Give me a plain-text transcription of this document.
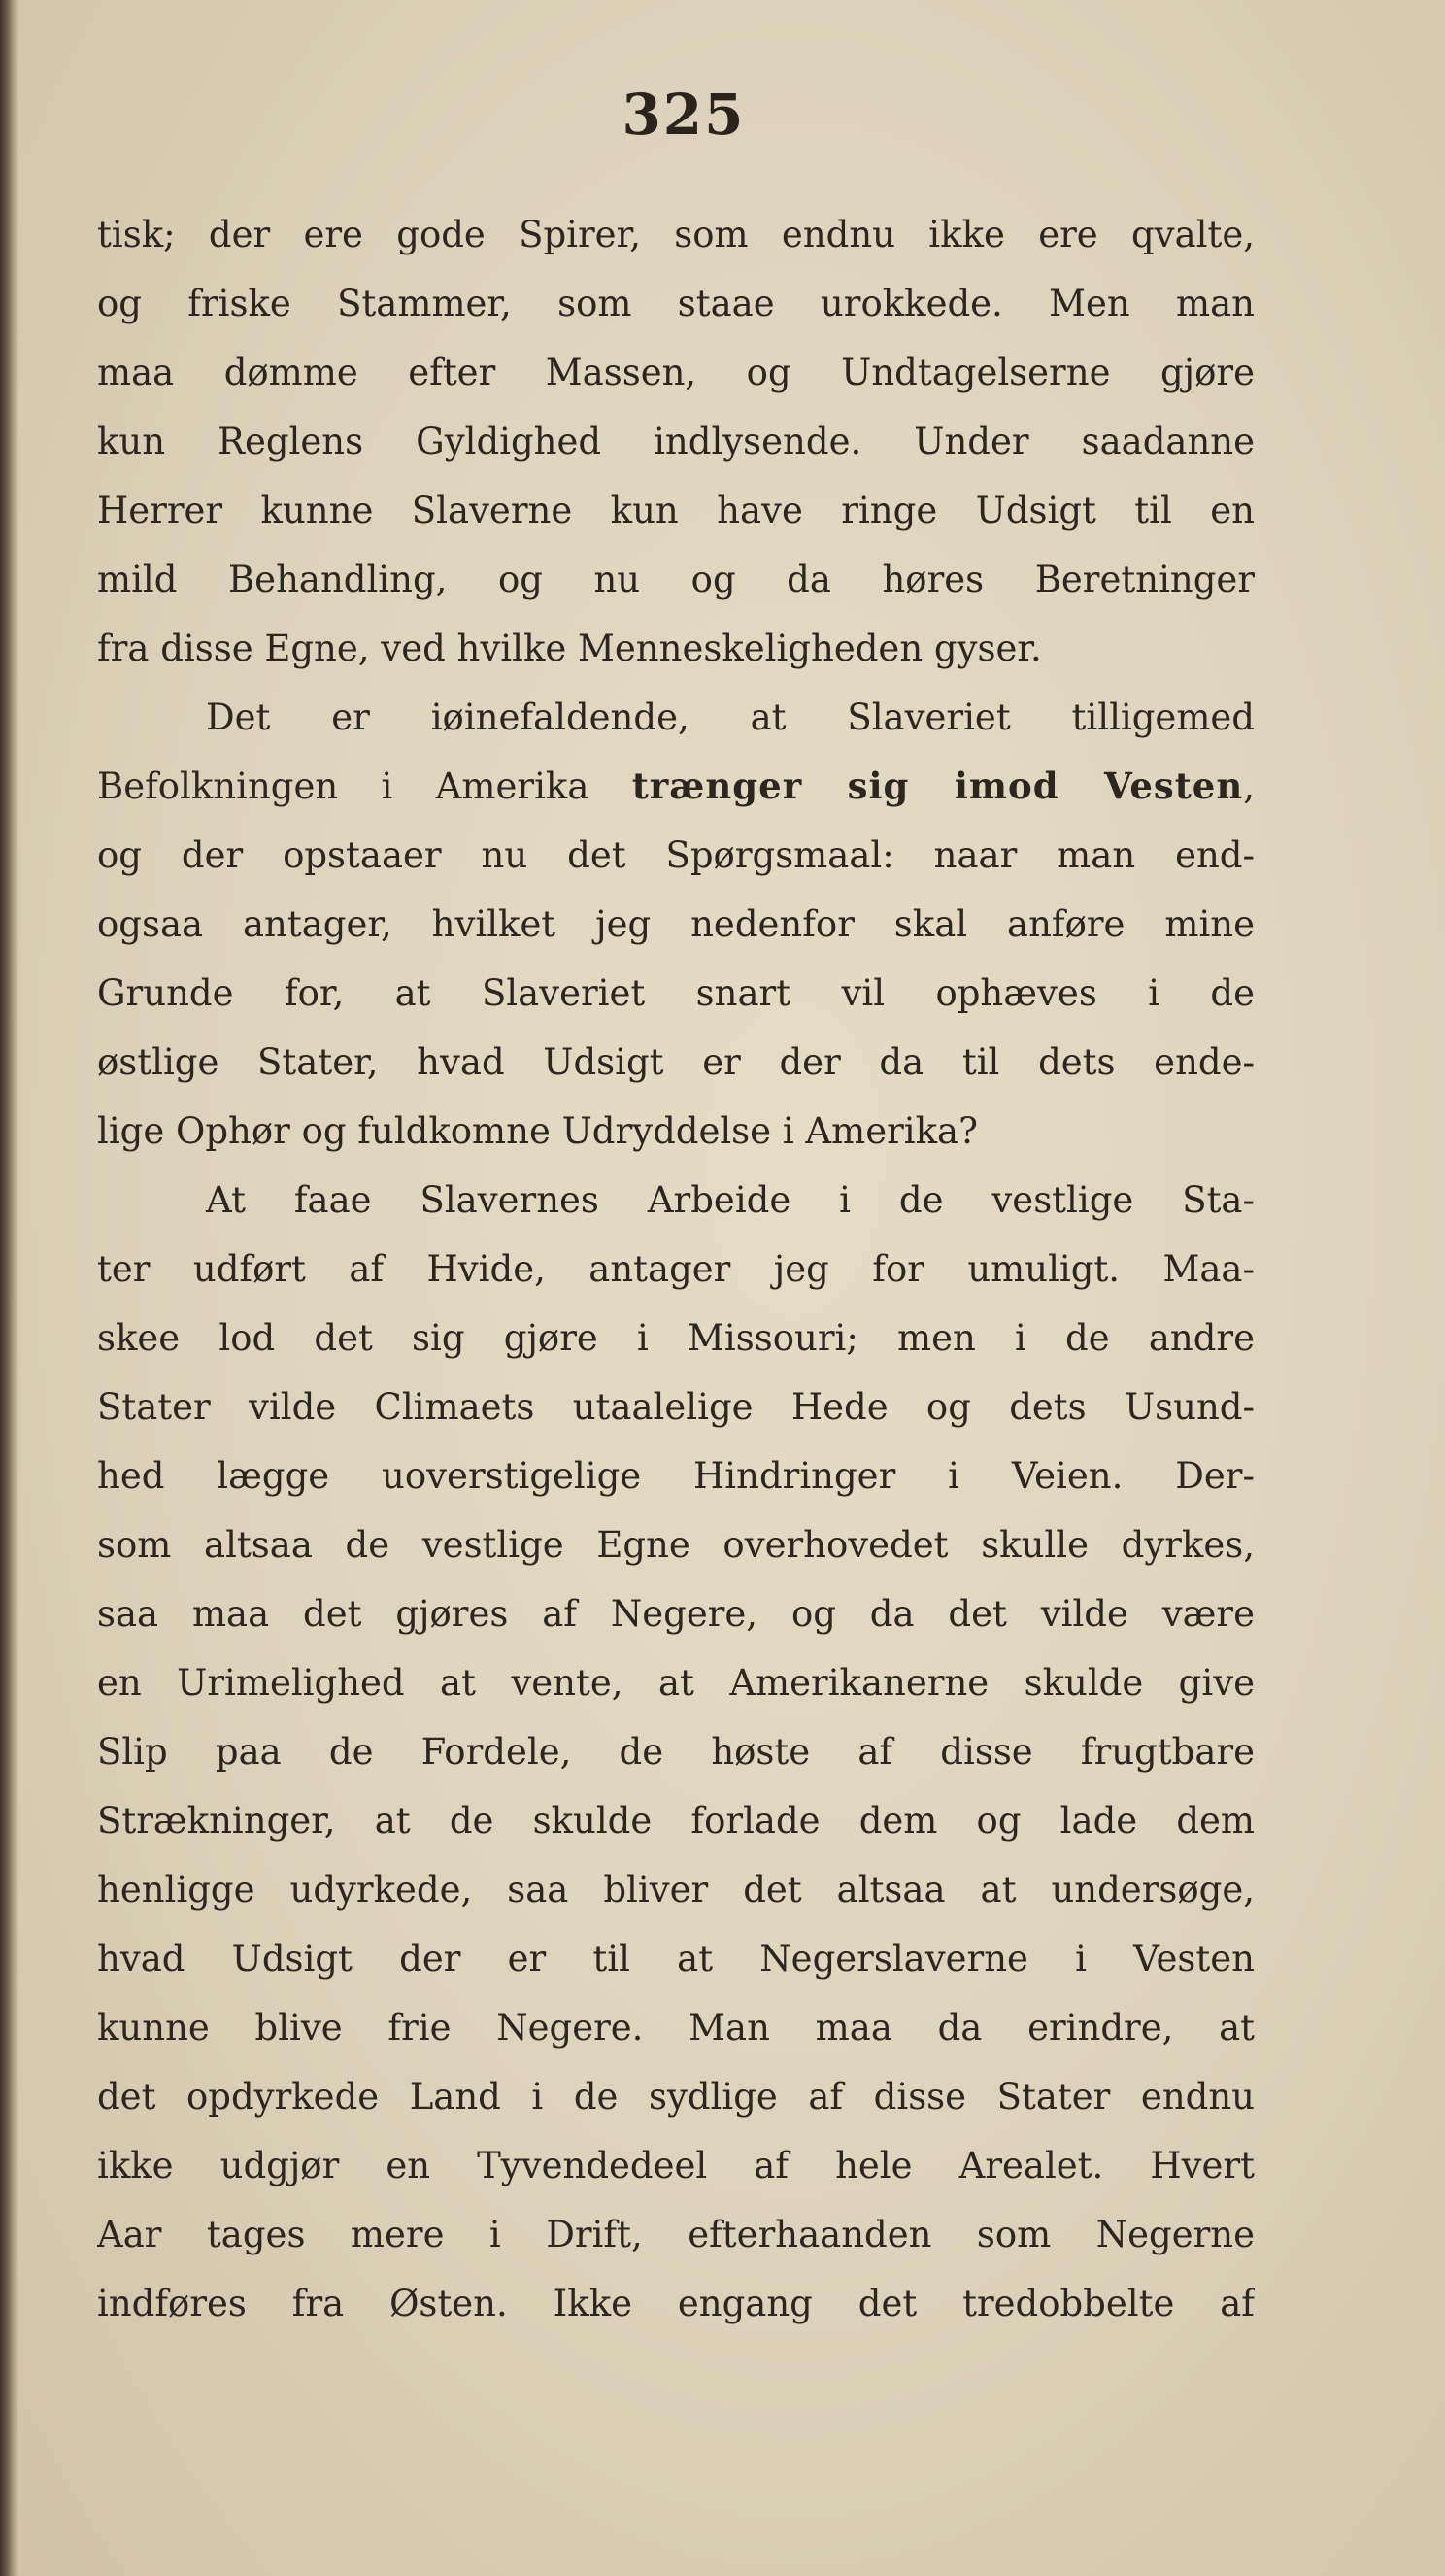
325
tisk; der ere gode Spirer, som endnu ikke ere qvalte,
og friske Stammer, som staae urokkede. Men man
maa dømme efter Massen, og Undtagelserne gjøre
kun Reglens Gyldighed indlysende. Under saadanne
Herrer kunne Slaverne kun have ringe Udsigt til en
mild Behandling, og nu og da høres Beretninger
fra disse Egne, ved hvilke Menneskeligheden gyser.
Det er iøinefaldende, at Slaveriet tilligemed
Befolkningen i Amerika trænger sig imod Vesten,
og der opstaaer nu det Spørgsmaal: naar man end-
ogsaa antager, hvilket jeg nedenfor skal anføre mine
Grunde for, at Slaveriet snart vil ophæves i de
østlige Stater, hvad Udsigt er der da til dets ende-
lige Ophør og fuldkomne Udryddelse i Amerika?
At faae Slavernes Arbeide i de vestlige Sta-
ter udført af Hvide, antager jeg for umuligt. Maa-
skee lod det sig gjøre i Missouri; men i de andre
Stater vilde Climaets utaalelige Hede og dets Usund-
hed lægge uoverstigelige Hindringer i Veien. Der-
som altsaa de vestlige Egne overhovedet skulle dyrkes,
saa maa det gjøres af Negere, og da det vilde være
en Urimelighed at vente, at Amerikanerne skulde give
Slip paa de Fordele, de høste af disse frugtbare
Strækninger, at de skulde forlade dem og lade dem
henligge udyrkede, saa bliver det altsaa at undersøge,
hvad Udsigt der er til at Negerslaverne i Vesten
kunne blive frie Negere. Man maa da erindre, at
det opdyrkede Land i de sydlige af disse Stater endnu
ikke udgjør en Tyvendedeel af hele Arealet. Hvert
Aar tages mere i Drift, efterhaanden som Negerne
indføres fra Østen. Ikke engang det tredobbelte af
